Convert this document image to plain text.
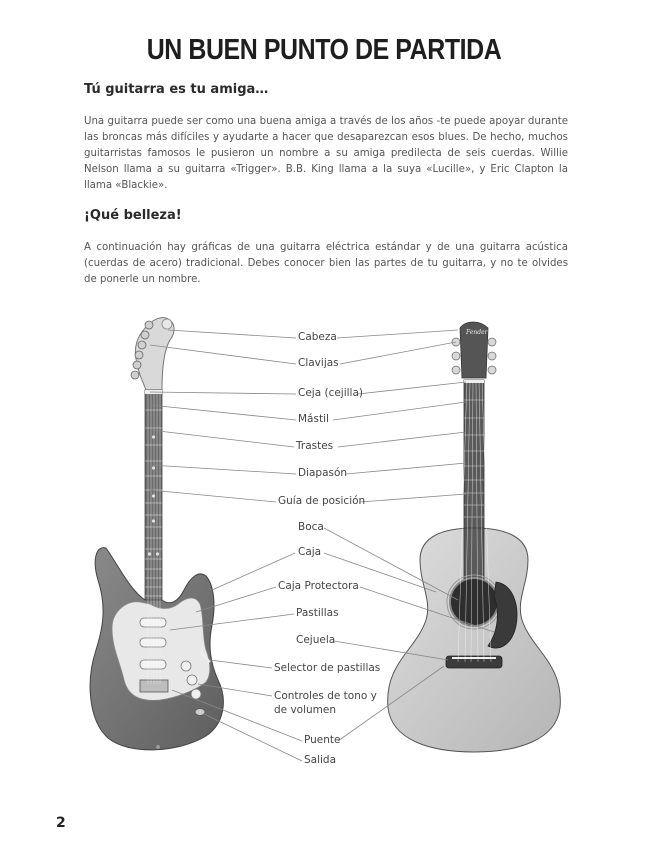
UN BUEN PUNTO DE PARTIDA
Tú guitarra es tu amiga…
Una guitarra puede ser como una buena amiga a través de los años -te puede apoyar durante las broncas más difíciles y ayudarte a hacer que desaparezcan esos blues. De hecho, muchos guitarristas famosos le pusieron un nombre a su amiga predilecta de seis cuerdas. Willie Nelson llama a su guitarra «Trigger». B.B. King llama a la suya «Lucille», y Eric Clapton la llama «Blackie».
¡Qué belleza!
A continuación hay gráficas de una guitarra eléctrica estándar y de una guitarra acústica (cuerdas de acero) tradicional. Debes conocer bien las partes de tu guitarra, y no te olvides de ponerle un nombre.
Fender
Cabeza
Clavijas
Ceja (cejilla)
Mástil
Trastes
Diapasón
Guía de posición
Boca
Caja
Caja Protectora
Pastillas
Cejuela
Selector de pastillas
Controles de tono y
de volumen
Puente
Salida
2
